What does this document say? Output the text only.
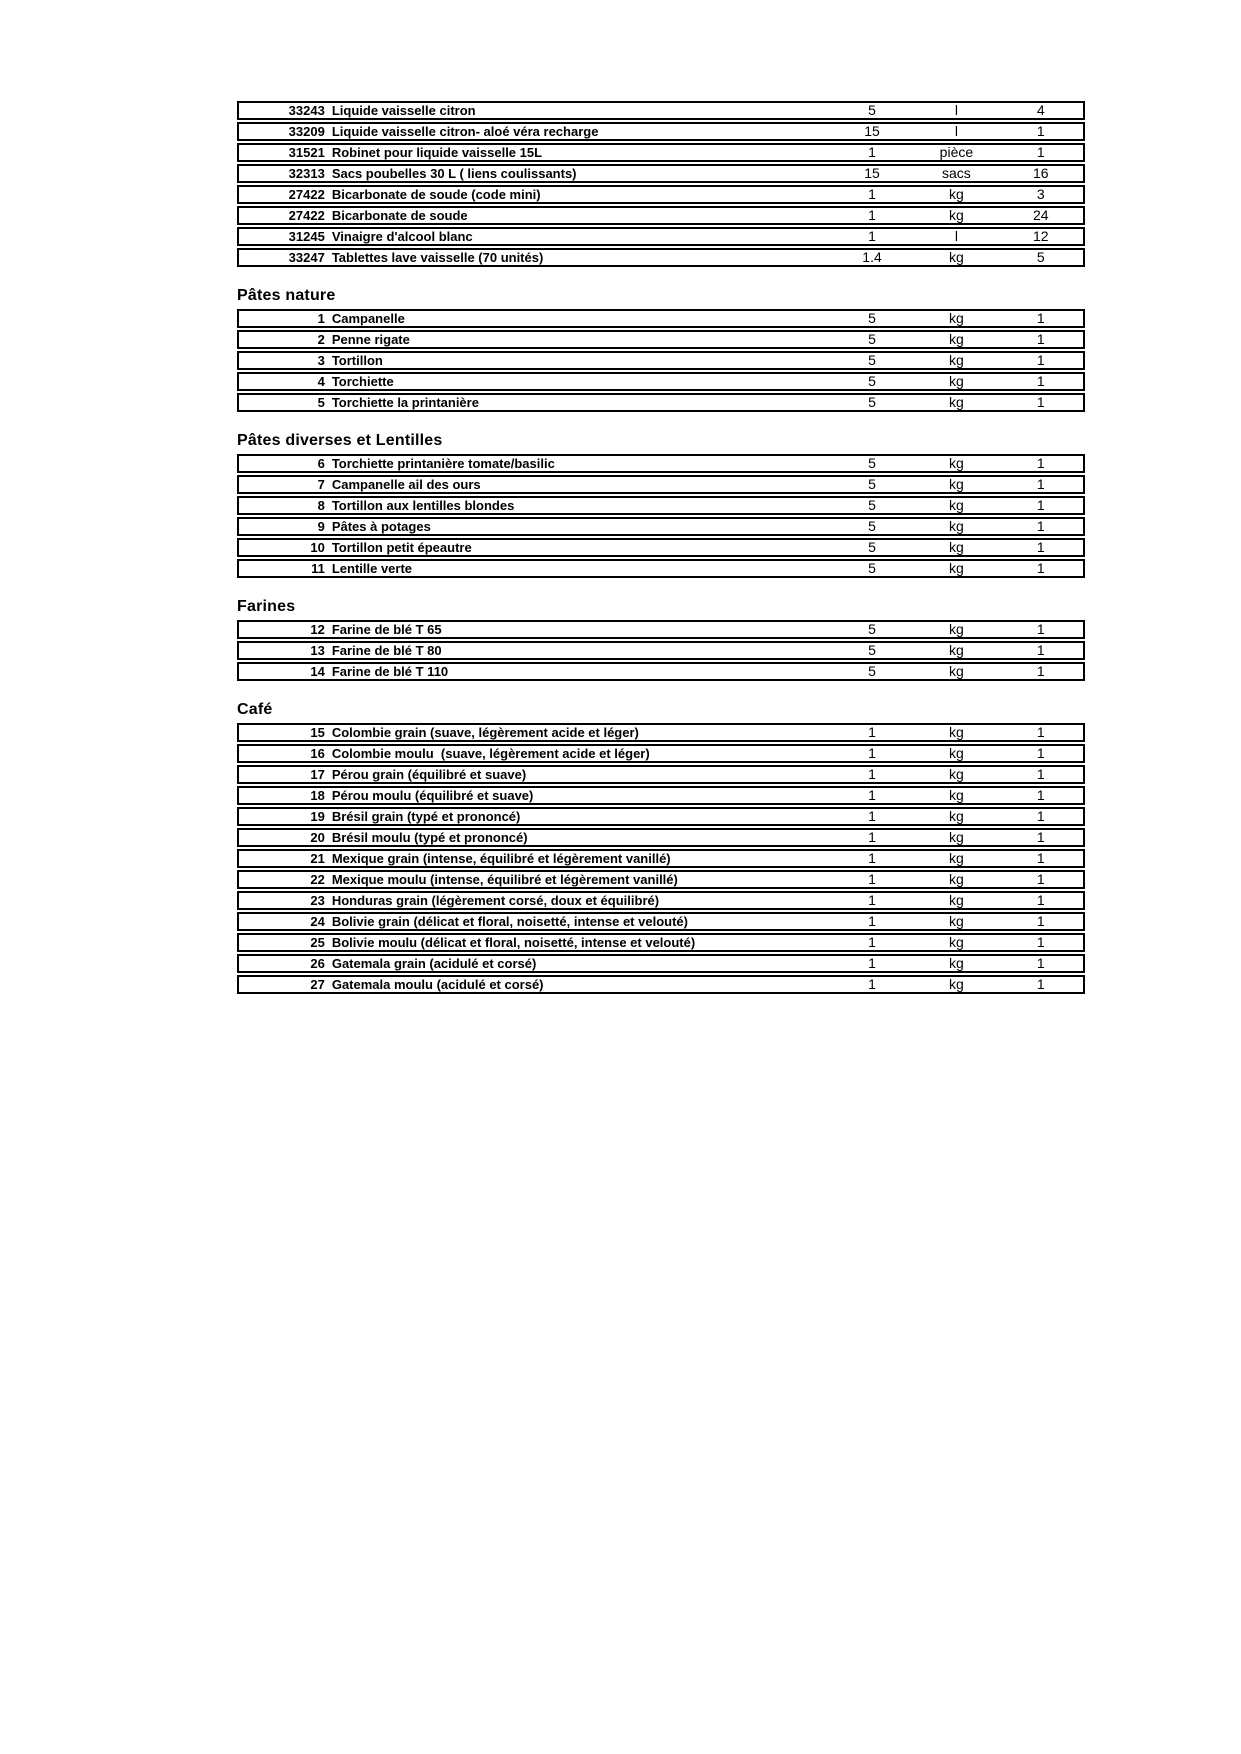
33243 Liquide vaisselle citron	5	l	4
33209 Liquide vaisselle citron- aloé véra recharge	15	l	1
31521 Robinet pour liquide vaisselle 15L	1	pièce	1
32313 Sacs poubelles 30 L ( liens coulissants)	15	sacs	16
27422 Bicarbonate de soude (code mini)	1	kg	3
27422 Bicarbonate de soude	1	kg	24
31245 Vinaigre d'alcool blanc	1	l	12
33247 Tablettes lave vaisselle (70 unités)	1.4	kg	5
Pâtes nature
1 Campanelle	5	kg	1
2 Penne rigate	5	kg	1
3 Tortillon	5	kg	1
4 Torchiette	5	kg	1
5 Torchiette la printanière	5	kg	1
Pâtes diverses et Lentilles
6 Torchiette printanière tomate/basilic	5	kg	1
7 Campanelle ail des ours	5	kg	1
8 Tortillon aux lentilles blondes	5	kg	1
9 Pâtes à potages	5	kg	1
10 Tortillon petit épeautre	5	kg	1
11 Lentille verte	5	kg	1
Farines
12 Farine de blé T 65	5	kg	1
13 Farine de blé T 80	5	kg	1
14 Farine de blé T 110	5	kg	1
Café
15 Colombie grain (suave, légèrement acide et léger)	1	kg	1
16 Colombie moulu  (suave, légèrement acide et léger)	1	kg	1
17 Pérou grain (équilibré et suave)	1	kg	1
18 Pérou moulu (équilibré et suave)	1	kg	1
19 Brésil grain (typé et prononcé)	1	kg	1
20 Brésil moulu (typé et prononcé)	1	kg	1
21 Mexique grain (intense, équilibré et légèrement vanillé)	1	kg	1
22 Mexique moulu (intense, équilibré et légèrement vanillé)	1	kg	1
23 Honduras grain (légèrement corsé, doux et équilibré)	1	kg	1
24 Bolivie grain (délicat et floral, noisetté, intense et velouté)	1	kg	1
25 Bolivie moulu (délicat et floral, noisetté, intense et velouté)	1	kg	1
26 Gatemala grain (acidulé et corsé)	1	kg	1
27 Gatemala moulu (acidulé et corsé)	1	kg	1
